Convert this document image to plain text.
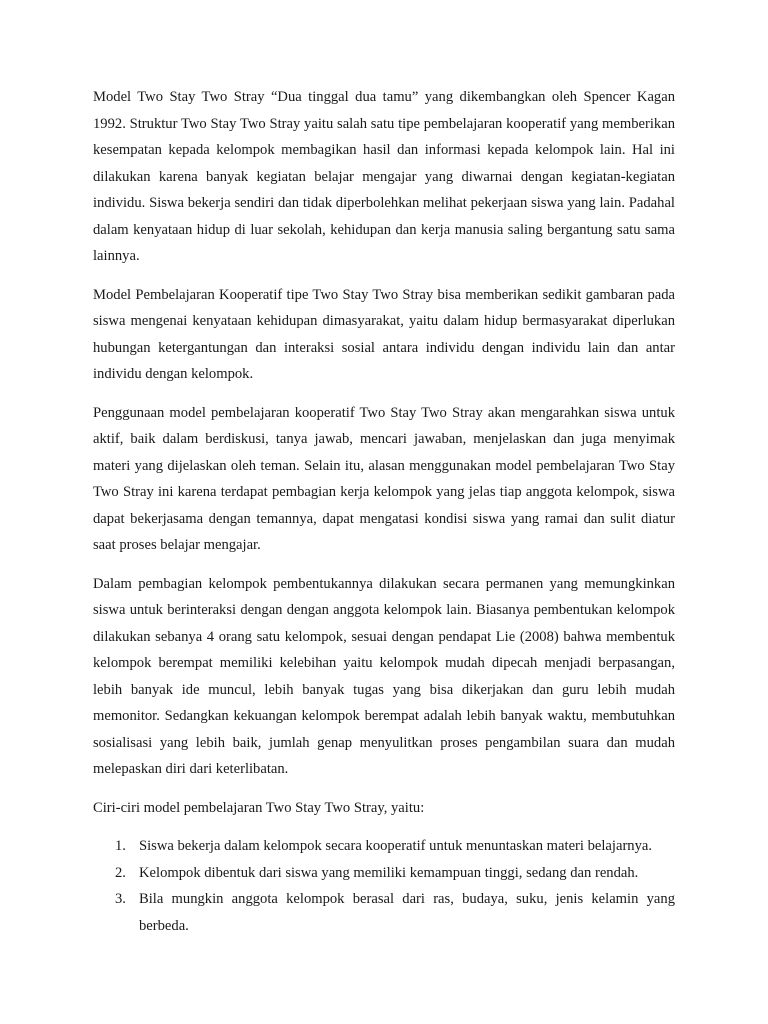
Model Two Stay Two Stray “Dua tinggal dua tamu” yang dikembangkan oleh Spencer Kagan 1992. Struktur Two Stay Two Stray yaitu salah satu tipe pembelajaran kooperatif yang memberikan kesempatan kepada kelompok membagikan hasil dan informasi kepada kelompok lain. Hal ini dilakukan karena banyak kegiatan belajar mengajar yang diwarnai dengan kegiatan-kegiatan individu. Siswa bekerja sendiri dan tidak diperbolehkan melihat pekerjaan siswa yang lain. Padahal dalam kenyataan hidup di luar sekolah, kehidupan dan kerja manusia saling bergantung satu sama lainnya.

Model Pembelajaran Kooperatif tipe Two Stay Two Stray bisa memberikan sedikit gambaran pada siswa mengenai kenyataan kehidupan dimasyarakat, yaitu dalam hidup bermasyarakat diperlukan hubungan ketergantungan dan interaksi sosial antara individu dengan individu lain dan antar individu dengan kelompok.

Penggunaan model pembelajaran kooperatif Two Stay Two Stray akan mengarahkan siswa untuk aktif, baik dalam berdiskusi, tanya jawab, mencari jawaban, menjelaskan dan juga menyimak materi yang dijelaskan oleh teman. Selain itu, alasan menggunakan model pembelajaran Two Stay Two Stray ini karena terdapat pembagian kerja kelompok yang jelas tiap anggota kelompok, siswa dapat bekerjasama dengan temannya, dapat mengatasi kondisi siswa yang ramai dan sulit diatur saat proses belajar mengajar.

Dalam pembagian kelompok pembentukannya dilakukan secara permanen yang memungkinkan siswa untuk berinteraksi dengan dengan anggota kelompok lain. Biasanya pembentukan kelompok dilakukan sebanya 4 orang satu kelompok, sesuai dengan pendapat Lie (2008) bahwa membentuk kelompok berempat memiliki kelebihan yaitu kelompok mudah dipecah menjadi berpasangan, lebih banyak ide muncul, lebih banyak tugas yang bisa dikerjakan dan guru lebih mudah memonitor. Sedangkan kekuangan kelompok berempat adalah lebih banyak waktu, membutuhkan sosialisasi yang lebih baik, jumlah genap menyulitkan proses pengambilan suara dan mudah melepaskan diri dari keterlibatan.

Ciri-ciri model pembelajaran Two Stay Two Stray, yaitu:

1. Siswa bekerja dalam kelompok secara kooperatif untuk menuntaskan materi belajarnya.
2. Kelompok dibentuk dari siswa yang memiliki kemampuan tinggi, sedang dan rendah.
3. Bila mungkin anggota kelompok berasal dari ras, budaya, suku, jenis kelamin yang berbeda.
